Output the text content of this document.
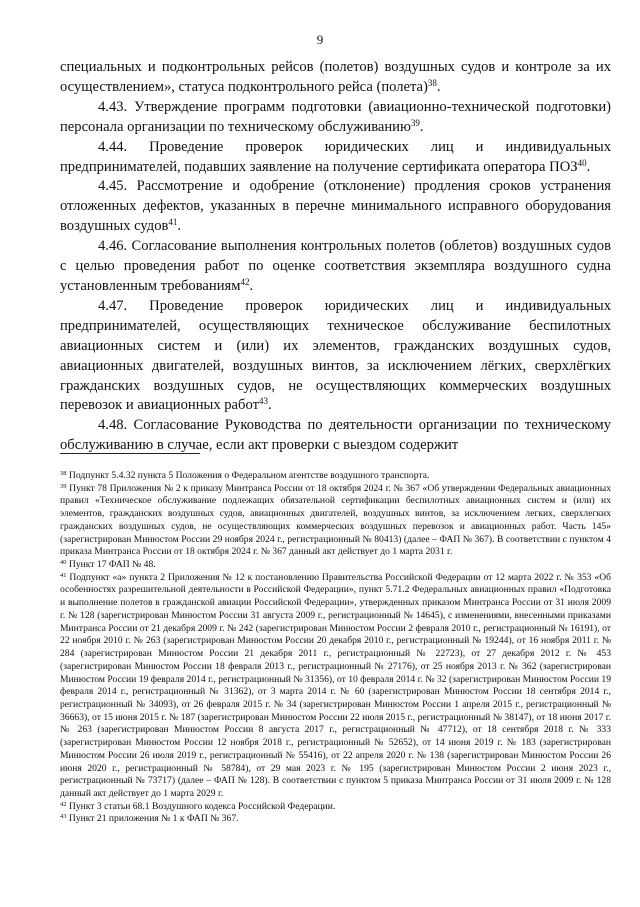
9

специальных и подконтрольных рейсов (полетов) воздушных судов и контроле за их осуществлением», статуса подконтрольного рейса (полета)$^{38}$.

4.43. Утверждение программ подготовки (авиационно-технической подготовки) персонала организации по техническому обслуживанию$^{39}$.

4.44. Проведение проверок юридических лиц и индивидуальных предпринимателей, подавших заявление на получение сертификата оператора ПОЗ$^{40}$.

4.45. Рассмотрение и одобрение (отклонение) продления сроков устранения отложенных дефектов, указанных в перечне минимального исправного оборудования воздушных судов$^{41}$.

4.46. Согласование выполнения контрольных полетов (облетов) воздушных судов с целью проведения работ по оценке соответствия экземпляра воздушного судна установленным требованиям$^{42}$.

4.47. Проведение проверок юридических лиц и индивидуальных предпринимателей, осуществляющих техническое обслуживание беспилотных авиационных систем и (или) их элементов, гражданских воздушных судов, авиационных двигателей, воздушных винтов, за исключением лёгких, сверхлёгких гражданских воздушных судов, не осуществляющих коммерческих воздушных перевозок и авиационных работ$^{43}$.

4.48. Согласование Руководства по деятельности организации по техническому обслуживанию в случае, если акт проверки с выездом содержит

$^{38}$ Подпункт 5.4.32 пункта 5 Положения о Федеральном агентстве воздушного транспорта.

$^{39}$ Пункт 78 Приложения № 2 к приказу Минтранса России от 18 октября 2024 г. № 367 «Об утверждении Федеральных авиационных правил «Техническое обслуживание подлежащих обязательной сертификации беспилотных авиационных систем и (или) их элементов, гражданских воздушных судов, авиационных двигателей, воздушных винтов, за исключением легких, сверхлегких гражданских воздушных судов, не осуществляющих коммерческих воздушных перевозок и авиационных работ. Часть 145» (зарегистрирован Минюстом России 29 ноября 2024 г., регистрационный № 80413) (далее – ФАП № 367). В соответствии с пунктом 4 приказа Минтранса России от 18 октября 2024 г. № 367 данный акт действует до 1 марта 2031 г.

$^{40}$ Пункт 17 ФАП № 48.

$^{41}$ Подпункт «а» пункта 2 Приложения № 12 к постановлению Правительства Российской Федерации от 12 марта 2022 г. № 353 «Об особенностях разрешительной деятельности в Российской Федерации», пункт 5.71.2 Федеральных авиационных правил «Подготовка и выполнение полетов в гражданской авиации Российской Федерации», утвержденных приказом Минтранса России от 31 июля 2009 г. № 128 (зарегистрирован Минюстом России 31 августа 2009 г., регистрационный № 14645), с изменениями, внесенными приказами Минтранса России от 21 декабря 2009 г. № 242 (зарегистрирован Минюстом России 2 февраля 2010 г., регистрационный № 16191), от 22 ноября 2010 г. № 263 (зарегистрирован Минюстом России 20 декабря 2010 г., регистрационный № 19244), от 16 ноября 2011 г. № 284 (зарегистрирован Минюстом России 21 декабря 2011 г., регистрационный № 22723), от 27 декабря 2012 г. № 453 (зарегистрирован Минюстом России 18 февраля 2013 г., регистрационный № 27176), от 25 ноября 2013 г. № 362 (зарегистрирован Минюстом России 19 февраля 2014 г., регистрационный № 31356), от 10 февраля 2014 г. № 32 (зарегистрирован Минюстом России 19 февраля 2014 г., регистрационный № 31362), от 3 марта 2014 г. № 60 (зарегистрирован Минюстом России 18 сентября 2014 г., регистрационный № 34093), от 26 февраля 2015 г. № 34 (зарегистрирован Минюстом России 1 апреля 2015 г., регистрационный № 36663), от 15 июня 2015 г. № 187 (зарегистрирован Минюстом России 22 июля 2015 г., регистрационный № 38147), от 18 июня 2017 г. № 263 (зарегистрирован Минюстом России 8 августа 2017 г., регистрационный № 47712), от 18 сентября 2018 г. № 333 (зарегистрирован Минюстом России 12 ноября 2018 г., регистрационный № 52652), от 14 июня 2019 г. № 183 (зарегистрирован Минюстом России 26 июля 2019 г., регистрационный № 55416), от 22 апреля 2020 г. № 138 (зарегистрирован Минюстом России 26 июня 2020 г., регистрационный № 58784), от 29 мая 2023 г. № 195 (зарегистрирован Минюстом России 2 июня 2023 г., регистрационный № 73717) (далее – ФАП № 128). В соответствии с пунктом 5 приказа Минтранса России от 31 июля 2009 г. № 128 данный акт действует до 1 марта 2029 г.

$^{42}$ Пункт 3 статьи 68.1 Воздушного кодекса Российской Федерации.

$^{43}$ Пункт 21 приложения № 1 к ФАП № 367.
